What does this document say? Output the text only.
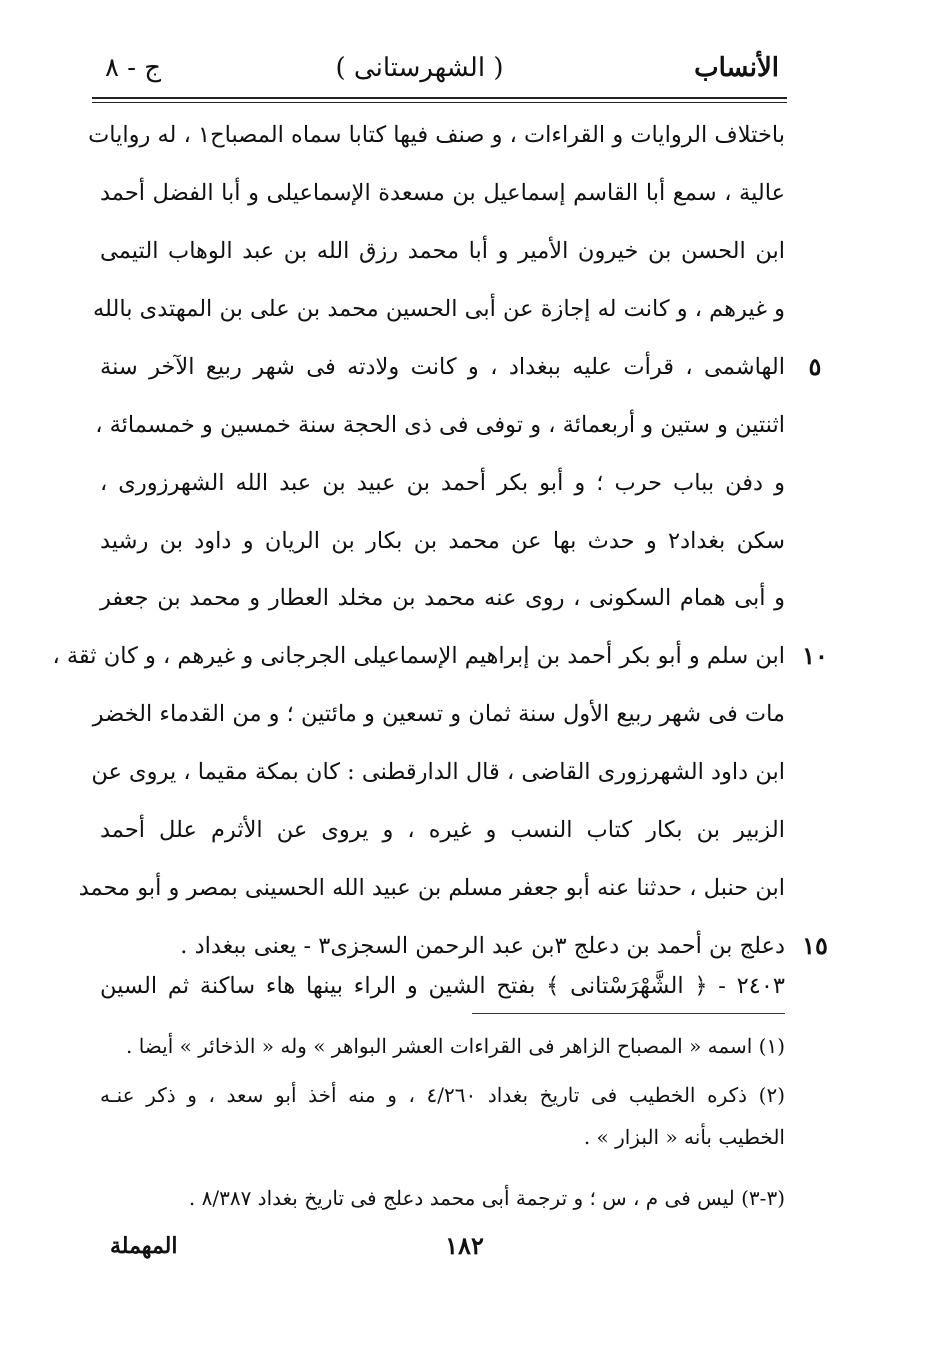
الأنساب
( الشهرستانى )
ج - ٨
باختلاف الروايات و القراءات ، و صنف فيها كتابا سماه المصباح١ ، له روايات
عالية ، سمع أبا القاسم إسماعيل بن مسعدة الإسماعيلى و أبا الفضل أحمد
ابن الحسن بن خيرون الأمير و أبا محمد رزق الله بن عبد الوهاب التيمى
و غيرهم ، و كانت له إجازة عن أبى الحسين محمد بن على بن المهتدى بالله
٥
الهاشمى ، قرأت عليه ببغداد ، و كانت ولادته فى شهر ربيع الآخر سنة
اثنتين و ستين و أربعمائة ، و توفى فى ذى الحجة سنة خمسين و خمسمائة ،
و دفن بباب حرب ؛ و أبو بكر أحمد بن عبيد بن عبد الله الشهرزورى ،
سكن بغداد٢ و حدث بها عن محمد بن بكار بن الريان و داود بن رشيد
و أبى همام السكونى ، روى عنه محمد بن مخلد العطار و محمد بن جعفر
١٠
ابن سلم و أبو بكر أحمد بن إبراهيم الإسماعيلى الجرجانى و غيرهم ، و كان ثقة ،
مات فى شهر ربيع الأول سنة ثمان و تسعين و مائتين ؛ و من القدماء الخضر
ابن داود الشهرزورى القاضى ، قال الدارقطنى : كان بمكة مقيما ، يروى عن
الزبير بن بكار كتاب النسب و غيره ، و يروى عن الأثرم علل أحمد
ابن حنبل ، حدثنا عنه أبو جعفر مسلم بن عبيد الله الحسينى بمصر و أبو محمد
١٥
دعلج بن أحمد بن دعلج ٣بن عبد الرحمن السجزى٣ - يعنى ببغداد .
٢٤٠٣ - ﴿ الشَّهْرَسْتانى ﴾ بفتح الشين و الراء بينها هاء ساكنة ثم السين
(١) اسمه « المصباح الزاهر فى القراءات العشر البواهر » وله « الذخائر » أيضا .
(٢) ذكره الخطيب فى تاريخ بغداد ٤/٢٦٠ ، و منه أخذ أبو سعد ، و ذكر عنـه
الخطيب بأنه « البزار » .
(٣-٣) ليس فى م ، س ؛ و ترجمة أبى محمد دعلج فى تاريخ بغداد ٨/٣٨٧ .
١٨٢
المهملة
